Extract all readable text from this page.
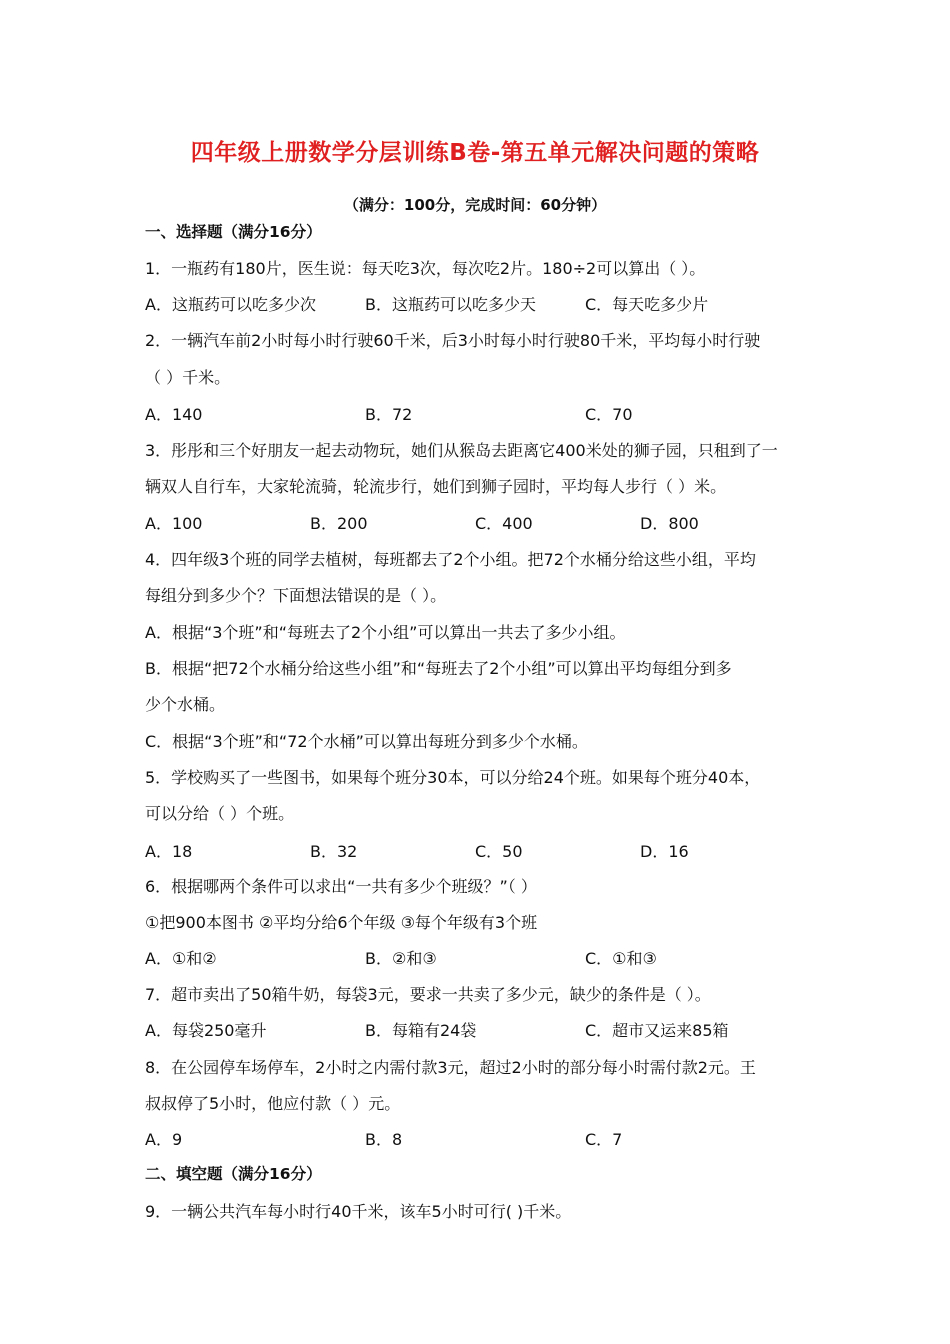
四年级上册数学分层训练B卷-第五单元解决问题的策略
（满分：100分，完成时间：60分钟）
一、选择题（满分16分）
1．一瓶药有180片，医生说：每天吃3次，每次吃2片。180÷2可以算出（ ）。
A．这瓶药可以吃多少次	B．这瓶药可以吃多少天	C．每天吃多少片
2．一辆汽车前2小时每小时行驶60千米，后3小时每小时行驶80千米，平均每小时行驶
（ ）千米。
A．140	B．72	C．70
3．彤彤和三个好朋友一起去动物玩，她们从猴岛去距离它400米处的狮子园，只租到了一
辆双人自行车，大家轮流骑，轮流步行，她们到狮子园时，平均每人步行（ ）米。
A．100	B．200	C．400	D．800
4．四年级3个班的同学去植树，每班都去了2个小组。把72个水桶分给这些小组，平均
每组分到多少个？下面想法错误的是（ ）。
A．根据“3个班”和“每班去了2个小组”可以算出一共去了多少小组。
B．根据“把72个水桶分给这些小组”和“每班去了2个小组”可以算出平均每组分到多
少个水桶。
C．根据“3个班”和“72个水桶”可以算出每班分到多少个水桶。
5．学校购买了一些图书，如果每个班分30本，可以分给24个班。如果每个班分40本，
可以分给（ ）个班。
A．18	B．32	C．50	D．16
6．根据哪两个条件可以求出“一共有多少个班级？”（ ）
①把900本图书 ②平均分给6个年级 ③每个年级有3个班
A．①和②	B．②和③	C．①和③
7．超市卖出了50箱牛奶，每袋3元，要求一共卖了多少元，缺少的条件是（ ）。
A．每袋250毫升	B．每箱有24袋	C．超市又运来85箱
8．在公园停车场停车，2小时之内需付款3元，超过2小时的部分每小时需付款2元。王
叔叔停了5小时，他应付款（ ）元。
A．9	B．8	C．7
二、填空题（满分16分）
9．一辆公共汽车每小时行40千米，该车5小时可行( )千米。
